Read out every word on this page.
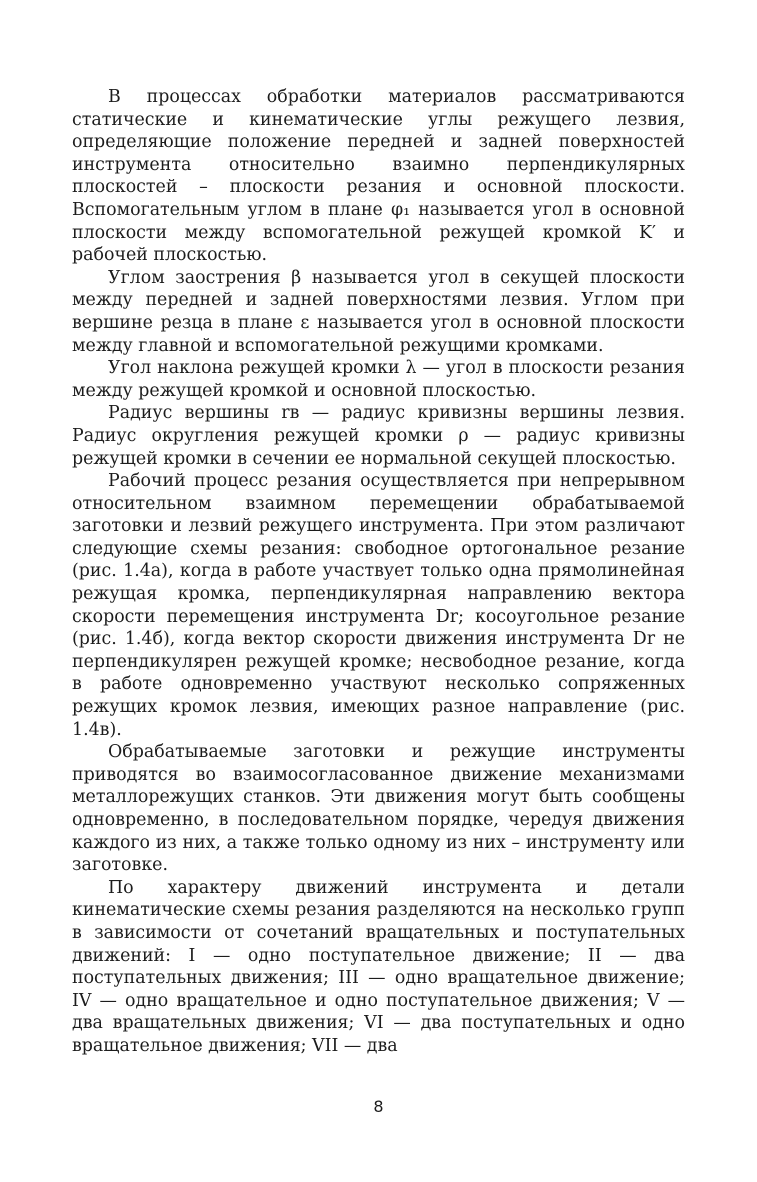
В процессах обработки материалов рассматриваются статические и кинематические углы режущего лезвия, определяющие положение передней и задней поверхностей инструмента относительно взаимно перпендикулярных плоскостей – плоскости резания и основной плоскости. Вспомогательным углом в плане φ₁ называется угол в основной плоскости между вспомогательной режущей кромкой K′ и рабочей плоскостью.

Углом заострения β называется угол в секущей плоскости между передней и задней поверхностями лезвия. Углом при вершине резца в плане ε называется угол в основной плоскости между главной и вспомогательной режущими кромками.

Угол наклона режущей кромки λ — угол в плоскости резания между режущей кромкой и основной плоскостью.

Радиус вершины rв — радиус кривизны вершины лезвия. Радиус округления режущей кромки ρ — радиус кривизны режущей кромки в сечении ее нормальной секущей плоскостью.

Рабочий процесс резания осуществляется при непрерывном относительном взаимном перемещении обрабатываемой заготовки и лезвий режущего инструмента. При этом различают следующие схемы резания: свободное ортогональное резание (рис. 1.4а), когда в работе участвует только одна прямолинейная режущая кромка, перпендикулярная направлению вектора скорости перемещения инструмента Dr; косоугольное резание (рис. 1.4б), когда вектор скорости движения инструмента Dr не перпендикулярен режущей кромке; несвободное резание, когда в работе одновременно участвуют несколько сопряженных режущих кромок лезвия, имеющих разное направление (рис. 1.4в).

Обрабатываемые заготовки и режущие инструменты приводятся во взаимосогласованное движение механизмами металлорежущих станков. Эти движения могут быть сообщены одновременно, в последовательном порядке, чередуя движения каждого из них, а также только одному из них – инструменту или заготовке.

По характеру движений инструмента и детали кинематические схемы резания разделяются на несколько групп в зависимости от сочетаний вращательных и поступательных движений: I — одно поступательное движение; II — два поступательных движения; III — одно вращательное движение; IV — одно вращательное и одно поступательное движения; V — два вращательных движения; VI — два поступательных и одно вращательное движения; VII — два

8
